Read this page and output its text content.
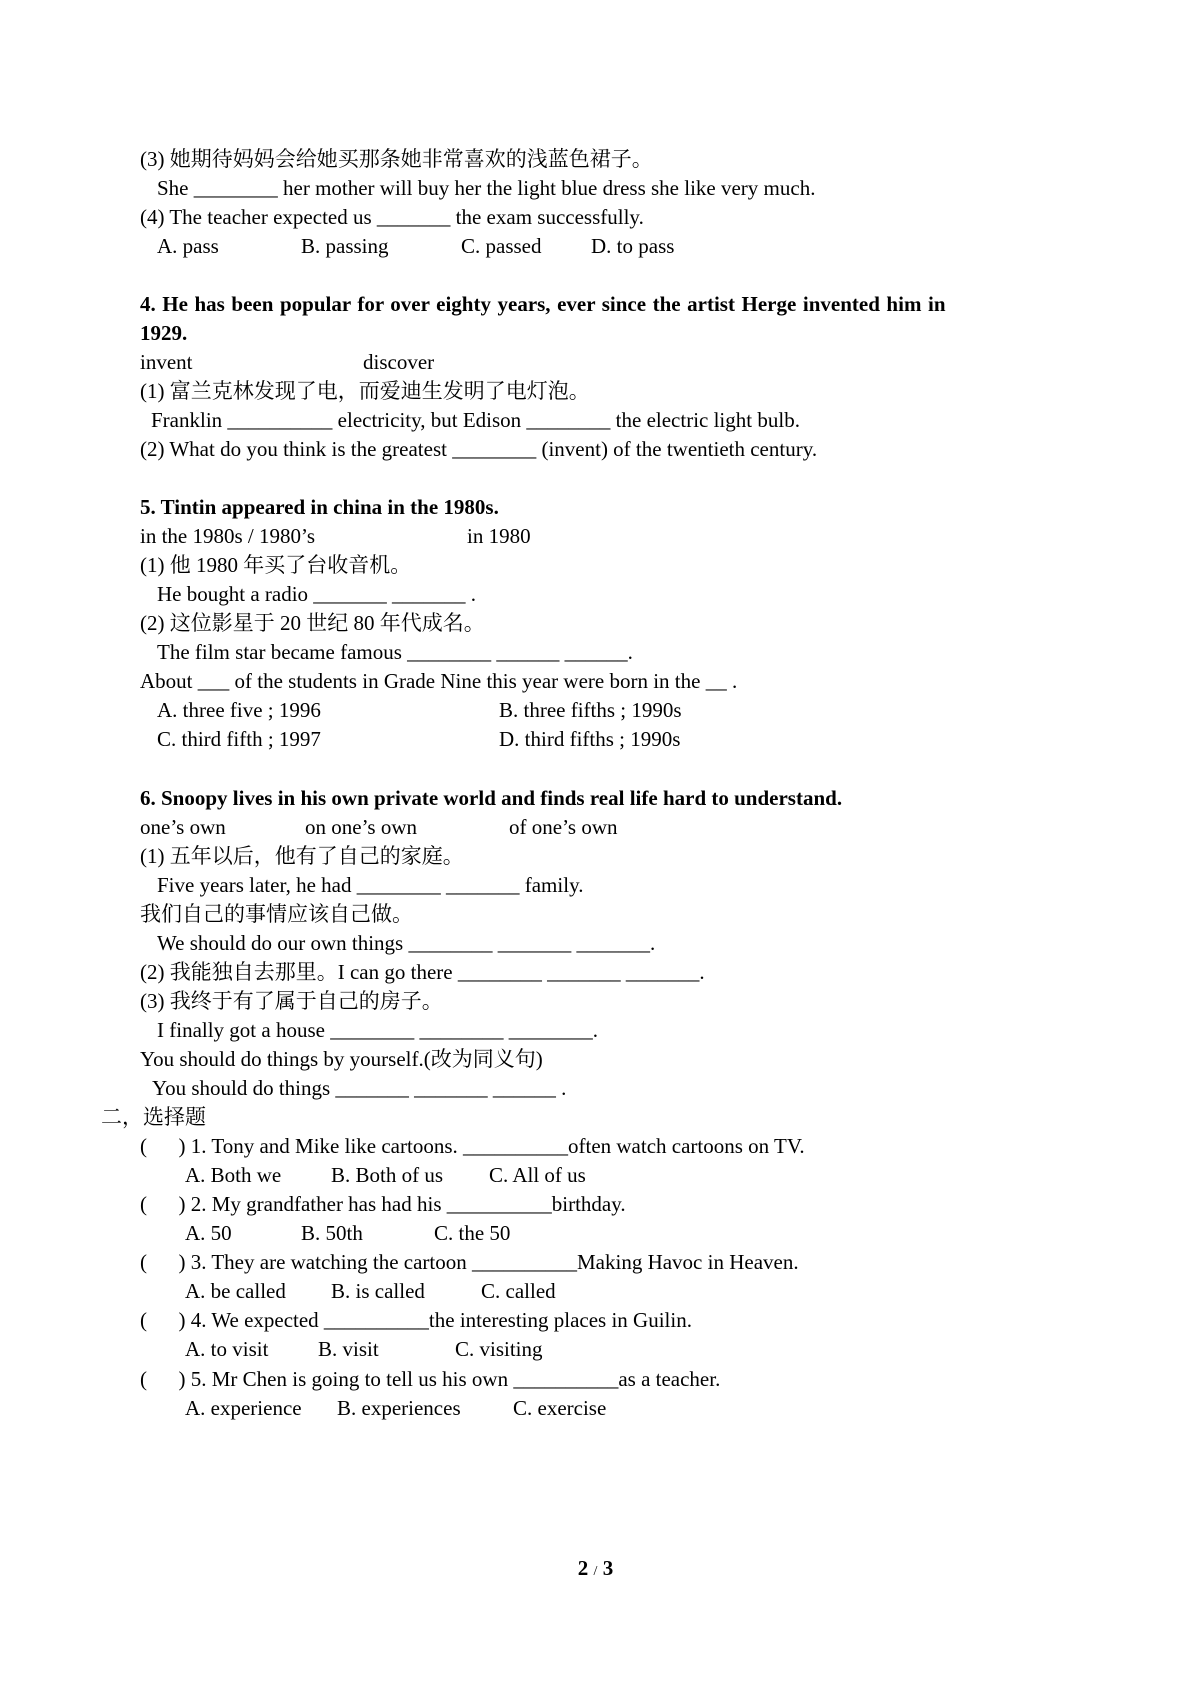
(3) 她期待妈妈会给她买那条她非常喜欢的浅蓝色裙子。
She ________ her mother will buy her the light blue dress she like very much.
(4) The teacher expected us _______ the exam successfully.
A. pass	B. passing	C. passed D. to pass
4. He has been popular for over eighty years, ever since the artist Herge invented him in
1929.
invent	discover
(1) 富兰克林发现了电，而爱迪生发明了电灯泡。
Franklin __________ electricity, but Edison ________ the electric light bulb.
(2) What do you think is the greatest ________ (invent) of the twentieth century.
5. Tintin appeared in china in the 1980s.
in the 1980s / 1980’s	in 1980
(1) 他 1980 年买了台收音机。
He bought a radio _______ _______ .
(2) 这位影星于 20 世纪 80 年代成名。
The film star became famous ________ ______ ______.
About ___ of the students in Grade Nine this year were born in the __ .
A. three five ; 1996	B. three fifths ; 1990s
C. third fifth ; 1997	D. third fifths ; 1990s
6. Snoopy lives in his own private world and finds real life hard to understand.
one’s own	on one’s own	of one’s own
(1) 五年以后，他有了自己的家庭。
Five years later, he had ________ _______ family.
我们自己的事情应该自己做。
We should do our own things ________ _______ _______.
(2) 我能独自去那里。I can go there ________ _______ _______.
(3) 我终于有了属于自己的房子。
I finally got a house ________ ________ ________.
You should do things by yourself.(改为同义句)
You should do things _______ _______ ______ .
二，选择题
(      ) 1. Tony and Mike like cartoons. __________often watch cartoons on TV.
A. Both we B. Both of us C. All of us
(      ) 2. My grandfather has had his __________birthday.
A. 50	B. 50th	C. the 50
(      ) 3. They are watching the cartoon __________Making Havoc in Heaven.
A. be called B. is called	C. called
(      ) 4. We expected __________the interesting places in Guilin.
A. to visit B. visit	C. visiting
(      ) 5. Mr Chen is going to tell us his own __________as a teacher.
A. experience B. experiences C. exercise
2 / 3
